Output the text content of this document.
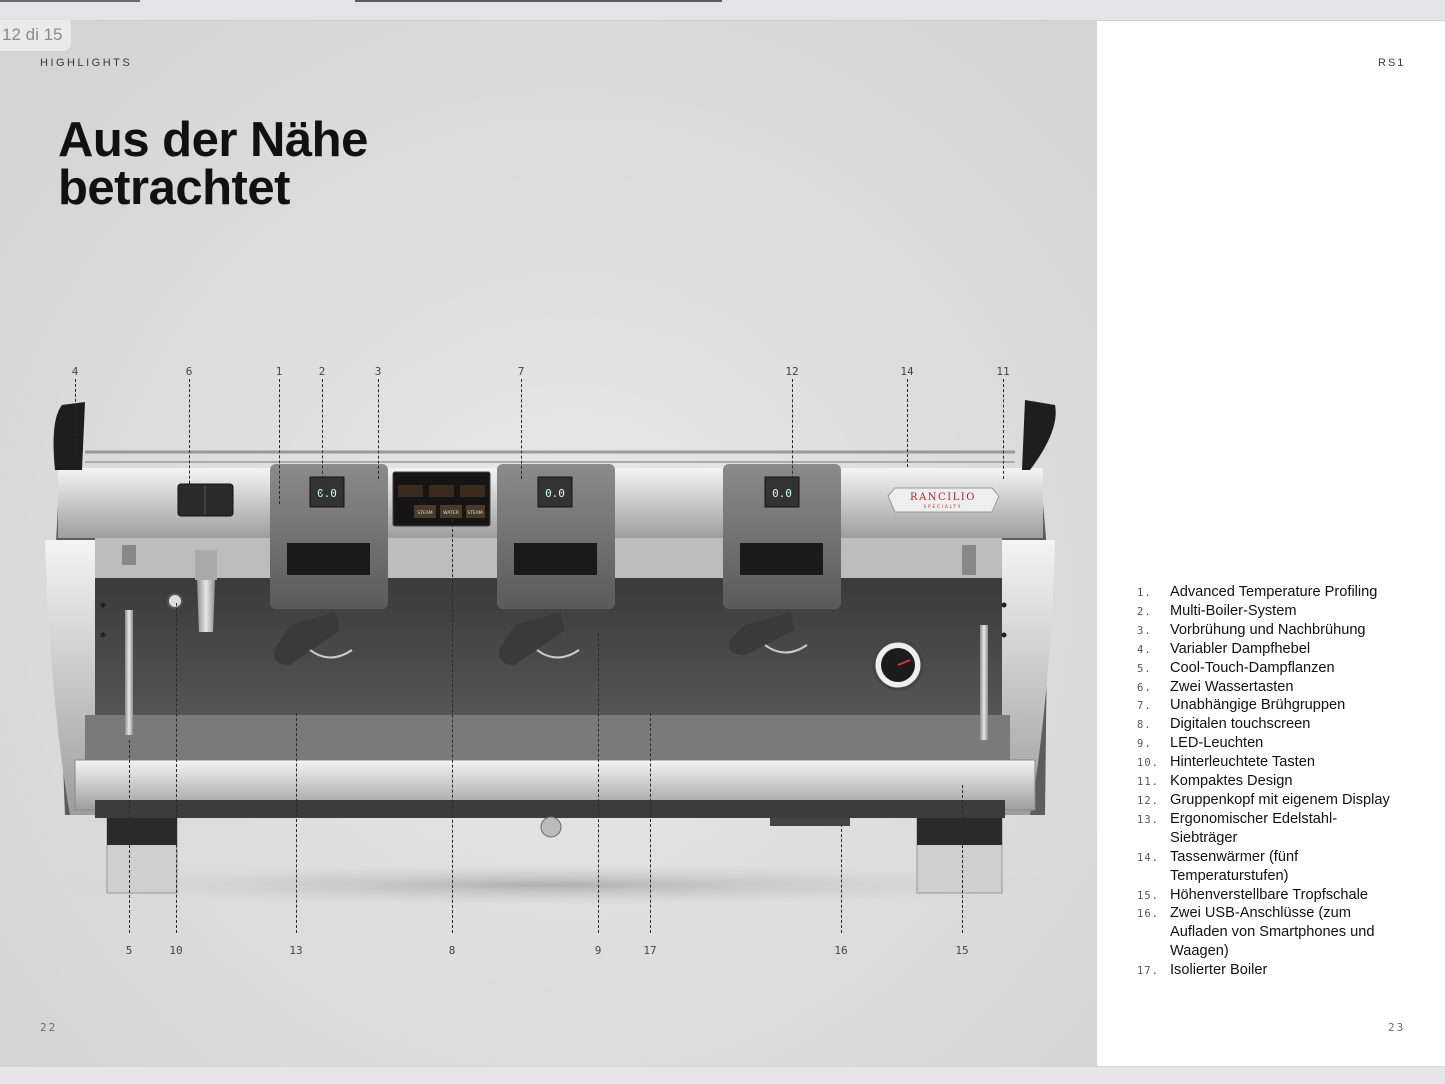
0.0	0.0	0.0
STEAM WATER STEAM
RANCILIO
SPECIALTY
12 di 15
HIGHLIGHTS	RS1
Aus der Nähe betrachtet
4	6	1	2	3	7	12	14	11
5	10	13	8	9	17	16	15
1. Advanced Temperature Profiling
2. Multi-Boiler-System
3. Vorbrühung und Nachbrühung
4. Variabler Dampfhebel
5. Cool-Touch-Dampflanzen
6. Zwei Wassertasten
7. Unabhängige Brühgruppen
8. Digitalen touchscreen
9. LED-Leuchten
10. Hinterleuchtete Tasten
11. Kompaktes Design
12. Gruppenkopf mit eigenem Display
13. Ergonomischer Edelstahl-Siebträger
14. Tassenwärmer (fünf Temperaturstufen)
15. Höhenverstellbare Tropfschale
16. Zwei USB-Anschlüsse (zum Aufladen von Smartphones und Waagen)
17. Isolierter Boiler
22	23
